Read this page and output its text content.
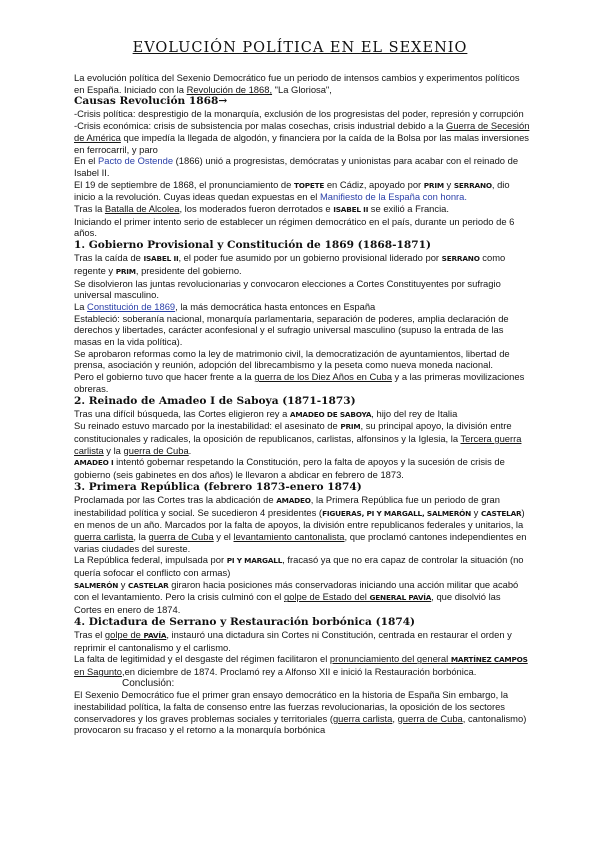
EVOLUCIÓN POLÍTICA EN EL SEXENIO

La evolución política del Sexenio Democrático fue un periodo de intensos cambios y experimentos políticos en España. Iniciado con la Revolución de 1868, "La Gloriosa",

Causas Revolución 1868→

-Crisis política: desprestigio de la monarquía, exclusión de los progresistas del poder, represión y corrupción

-Crisis económica: crisis de subsistencia por malas cosechas, crisis industrial debido a la Guerra de Secesión de América que impedía la llegada de algodón, y financiera por la caída de la Bolsa por las malas inversiones en ferrocarril, y paro

En el Pacto de Ostende (1866) unió a progresistas, demócratas y unionistas para acabar con el reinado de Isabel II.

El 19 de septiembre de 1868, el pronunciamiento de TOPETE en Cádiz, apoyado por PRIM y SERRANO, dio inicio a la revolución. Cuyas ideas quedan expuestas en el Manifiesto de la España con honra.

Tras la Batalla de Alcolea, los moderados fueron derrotados e ISABEL II se exilió a Francia.

Iniciando el primer intento serio de establecer un régimen democrático en el país, durante un periodo de 6 años.

1. Gobierno Provisional y Constitución de 1869 (1868-1871)

Tras la caída de ISABEL II, el poder fue asumido por un gobierno provisional liderado por SERRANO como regente y PRIM, presidente del gobierno.

Se disolvieron las juntas revolucionarias y convocaron elecciones a Cortes Constituyentes por sufragio universal masculino.

La Constitución de 1869, la más democrática hasta entonces en España

Estableció: soberanía nacional, monarquía parlamentaria, separación de poderes, amplia declaración de derechos y libertades, carácter aconfesional y el sufragio universal masculino (supuso la entrada de las masas en la vida política).

Se aprobaron reformas como la ley de matrimonio civil, la democratización de ayuntamientos, libertad de prensa, asociación y reunión, adopción del librecambismo y la peseta como nueva moneda nacional.

Pero el gobierno tuvo que hacer frente a la guerra de los Diez Años en Cuba y a las primeras movilizaciones obreras.

2. Reinado de Amadeo I de Saboya (1871-1873)

Tras una difícil búsqueda, las Cortes eligieron rey a AMADEO DE SABOYA, hijo del rey de Italia

Su reinado estuvo marcado por la inestabilidad: el asesinato de PRIM, su principal apoyo, la división entre constitucionales y radicales, la oposición de republicanos, carlistas, alfonsinos y la Iglesia, la Tercera guerra carlista y la guerra de Cuba.

AMADEO I intentó gobernar respetando la Constitución, pero la falta de apoyos y la sucesión de crisis de gobierno (seis gabinetes en dos años) le llevaron a abdicar en febrero de 1873.

3. Primera República (febrero 1873-enero 1874)

Proclamada por las Cortes tras la abdicación de AMADEO, la Primera República fue un periodo de gran inestabilidad política y social. Se sucedieron 4 presidentes (FIGUERAS, PI Y MARGALL, SALMERÓN y CASTELAR) en menos de un año. Marcados por la falta de apoyos, la división entre republicanos federales y unitarios, la guerra carlista, la guerra de Cuba y el levantamiento cantonalista, que proclamó cantones independientes en varias ciudades del sureste.

La República federal, impulsada por PI Y MARGALL, fracasó ya que no era capaz de controlar la situación (no quería sofocar el conflicto con armas)

SALMERÓN y CASTELAR giraron hacia posiciones más conservadoras iniciando una acción militar que acabó con el levantamiento. Pero la crisis culminó con el golpe de Estado del GENERAL PAVÍA, que disolvió las Cortes en enero de 1874.

4. Dictadura de Serrano y Restauración borbónica (1874)

Tras el golpe de PAVÍA, instauró una dictadura sin Cortes ni Constitución, centrada en restaurar el orden y reprimir el cantonalismo y el carlismo.

La falta de legitimidad y el desgaste del régimen facilitaron el pronunciamiento del general MARTÍNEZ CAMPOS en Sagunto,en diciembre de 1874. Proclamó rey a Alfonso XII e inició la Restauración borbónica.

Conclusión:

El Sexenio Democrático fue el primer gran ensayo democrático en la historia de España Sin embargo, la inestabilidad política, la falta de consenso entre las fuerzas revolucionarias, la oposición de los sectores conservadores y los graves problemas sociales y territoriales (guerra carlista, guerra de Cuba, cantonalismo) provocaron su fracaso y el retorno a la monarquía borbónica
